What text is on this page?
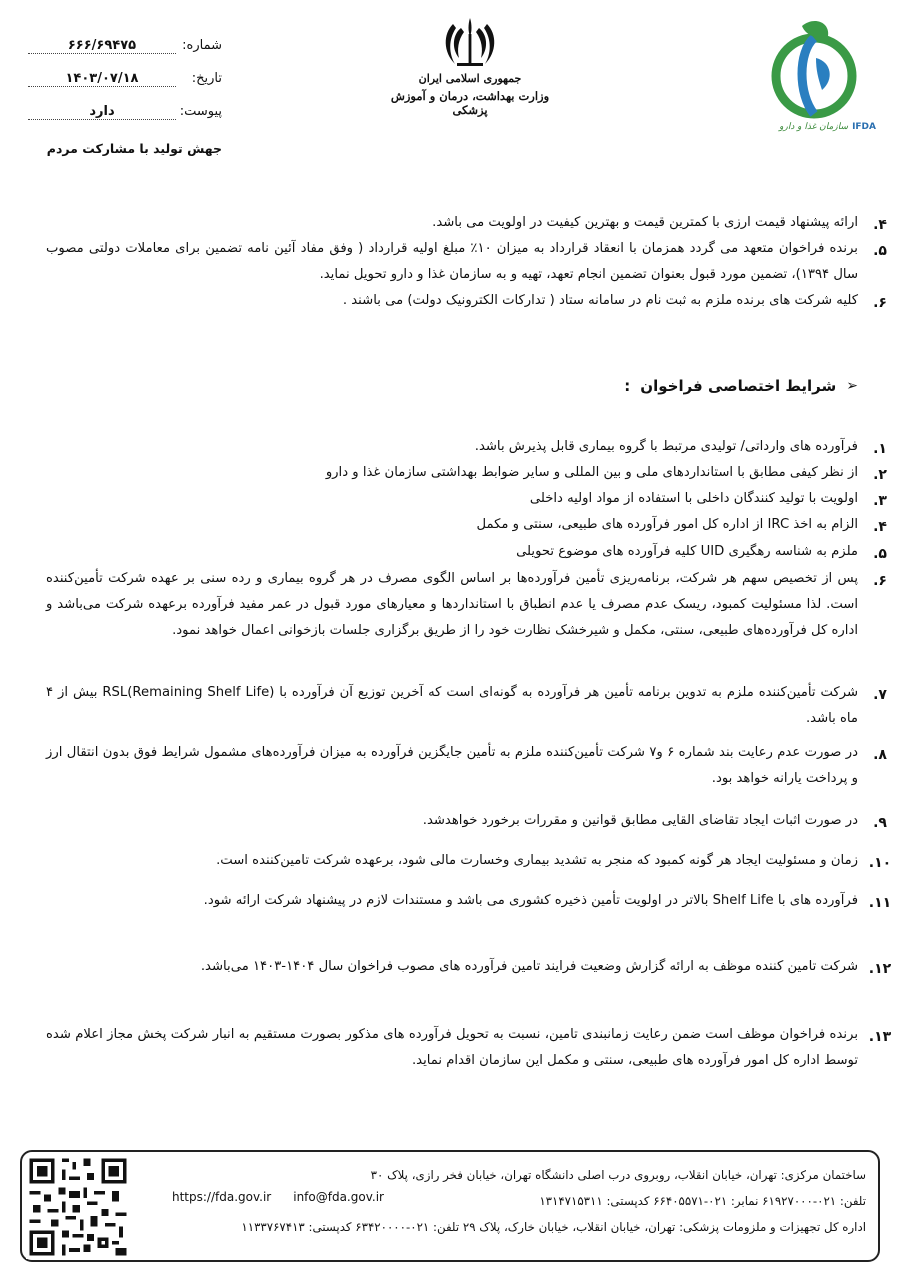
شماره:
۶۶۶/۶۹۴۷۵
تاریخ:
۱۴۰۳/۰۷/۱۸
پیوست:
دارد
جهش تولید با مشارکت مردم
جمهوری اسلامی ایران
وزارت بهداشت، درمان و آموزش پزشکی
سازمان غذا و دارو IFDA
۴.
ارائه پیشنهاد قیمت ارزی با کمترین قیمت و بهترین کیفیت در اولویت می باشد.
۵.
برنده فراخوان متعهد می گردد همزمان با انعقاد قرارداد به میزان ۱۰٪ مبلغ اولیه قرارداد ( وفق مفاد آئین نامه تضمین برای معاملات دولتی مصوب سال ۱۳۹۴)، تضمین مورد قبول بعنوان تضمین انجام تعهد، تهیه و به سازمان غذا و دارو تحویل نماید.
۶.
کلیه شرکت های برنده ملزم به ثبت نام در سامانه ستاد ( تدارکات الکترونیک دولت) می باشند .
➢
شرایط اختصاصی فراخوان
:
۱.
فرآورده های وارداتی/ تولیدی مرتبط با گروه بیماری قابل پذیرش باشد.
۲.
از نظر کیفی مطابق با استانداردهای ملی و بین المللی و سایر ضوابط بهداشتی سازمان غذا و دارو
۳.
اولویت با تولید کنندگان داخلی با استفاده از مواد اولیه داخلی
۴.
الزام به اخذ IRC از اداره کل امور فرآورده های طبیعی، سنتی و مکمل
۵.
ملزم به شناسه رهگیری UID کلیه فرآورده های موضوع تحویلی
۶.
پس از تخصیص سهم هر شرکت، برنامه‌ریزی تأمین فرآورده‌ها بر اساس الگوی مصرف در هر گروه بیماری و رده سنی بر عهده شرکت تأمین‌کننده است. لذا مسئولیت کمبود، ریسک عدم مصرف یا عدم انطباق با استانداردها و معیارهای مورد قبول در عمر مفید فرآورده برعهده شرکت می‌باشد و اداره کل فرآورده‌های طبیعی، سنتی، مکمل و شیرخشک نظارت خود را از طریق برگزاری جلسات بازخوانی اعمال خواهد نمود.
۷.
شرکت تأمین‌کننده ملزم به تدوین برنامه تأمین هر فرآورده به گونه‌ای است که آخرین توزیع آن فرآورده با RSL(Remaining Shelf Life) بیش از ۴ ماه باشد.
۸.
در صورت عدم رعایت بند شماره ۶ و۷ شرکت تأمین‌کننده ملزم به تأمین جایگزین فرآورده به میزان فرآورده‌های مشمول شرایط فوق بدون انتقال ارز و پرداخت یارانه خواهد بود.
۹.
در صورت اثبات ایجاد تقاضای القایی مطابق قوانین و مقررات برخورد خواهدشد.
۱۰.
زمان و مسئولیت ایجاد هر گونه کمبود که منجر به تشدید بیماری وخسارت مالی شود، برعهده شرکت تامین‌کننده است.
۱۱.
فرآورده های با Shelf Life بالاتر در اولویت تأمین ذخیره کشوری می باشد و مستندات لازم در پیشنهاد شرکت ارائه شود.
۱۲.
شرکت تامین کننده موظف به ارائه گزارش وضعیت فرایند تامین فرآورده های مصوب فراخوان سال ۱۴۰۴-۱۴۰۳ می‌باشد.
۱۳.
برنده فراخوان موظف است ضمن رعایت زمانبندی تامین، نسبت به تحویل فرآورده های مذکور بصورت مستقیم به انبار شرکت پخش مجاز اعلام شده توسط اداره کل امور فرآورده های طبیعی، سنتی و مکمل این سازمان اقدام نماید.
ساختمان مرکزی: تهران، خیابان انقلاب، روبروی درب اصلی دانشگاه تهران، خیابان فخر رازی، پلاک ۳۰
تلفن: ۰۲۱-۶۱۹۲۷۰۰۰ نمابر: ۰۲۱-۶۶۴۰۵۵۷۱ کدپستی: ۱۳۱۴۷۱۵۳۱۱
اداره کل تجهیزات و ملزومات پزشکی: تهران، خیابان انقلاب، خیابان خارک، پلاک ۲۹ تلفن: ۰۲۱-۶۳۴۲۰۰۰۰ کدپستی: ۱۱۳۳۷۶۷۴۱۳
https://fda.gov.ir info@fda.gov.ir
